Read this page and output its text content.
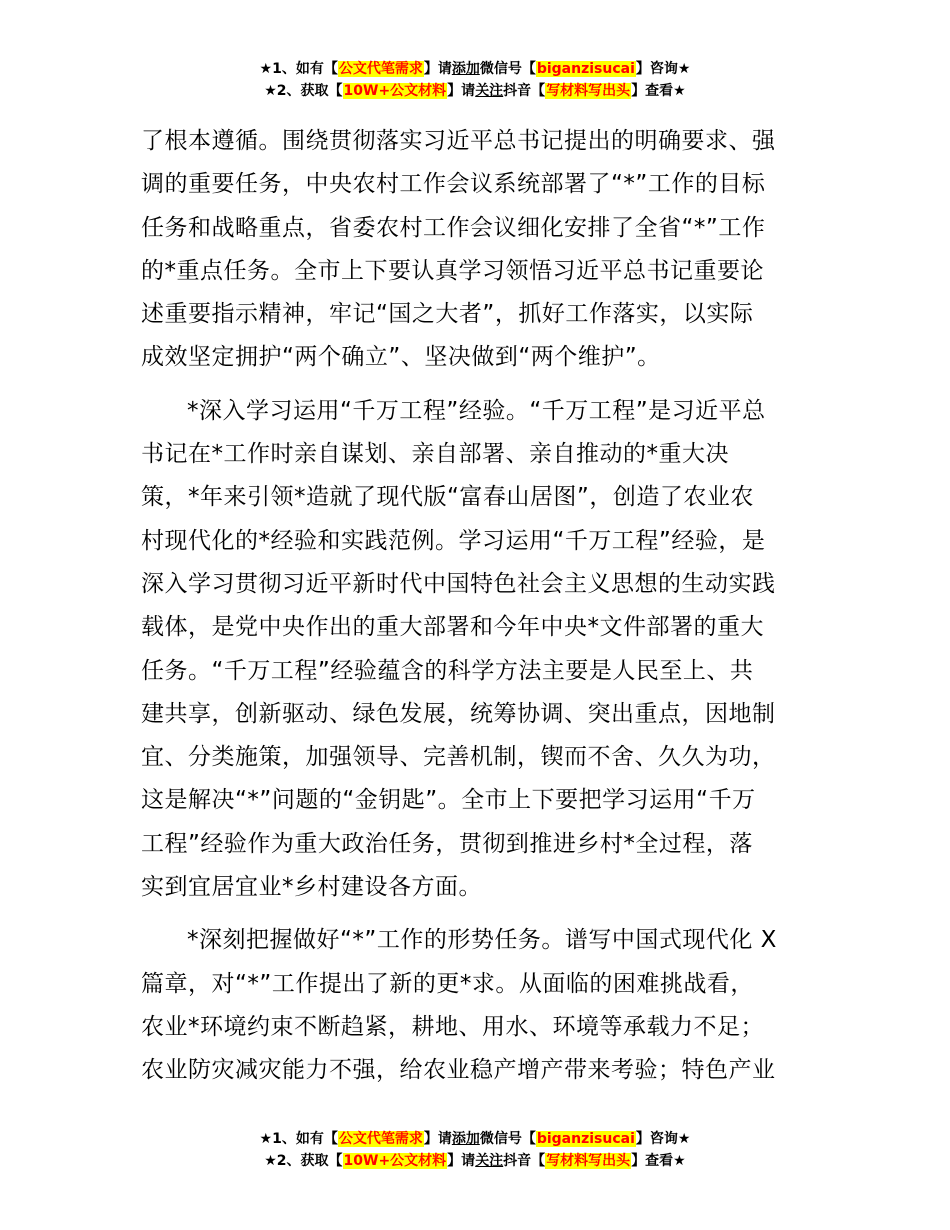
★1、如有【公文代笔需求】请添加微信号【biganzisucai】咨询★
★2、获取【10W+公文材料】请关注抖音【写材料写出头】查看★

了根本遵循。围绕贯彻落实习近平总书记提出的明确要求、强
调的重要任务，中央农村工作会议系统部署了“*”工作的目标
任务和战略重点，省委农村工作会议细化安排了全省“*”工作
的*重点任务。全市上下要认真学习领悟习近平总书记重要论
述重要指示精神，牢记“国之大者”，抓好工作落实，以实际
成效坚定拥护“两个确立”、坚决做到“两个维护”。

*深入学习运用“千万工程”经验。“千万工程”是习近平总
书记在*工作时亲自谋划、亲自部署、亲自推动的*重大决
策，*年来引领*造就了现代版“富春山居图”，创造了农业农
村现代化的*经验和实践范例。学习运用“千万工程”经验，是
深入学习贯彻习近平新时代中国特色社会主义思想的生动实践
载体，是党中央作出的重大部署和今年中央*文件部署的重大
任务。“千万工程”经验蕴含的科学方法主要是人民至上、共
建共享，创新驱动、绿色发展，统筹协调、突出重点，因地制
宜、分类施策，加强领导、完善机制，锲而不舍、久久为功，
这是解决“*”问题的“金钥匙”。全市上下要把学习运用“千万
工程”经验作为重大政治任务，贯彻到推进乡村*全过程，落
实到宜居宜业*乡村建设各方面。

*深刻把握做好“*”工作的形势任务。谱写中国式现代化 X
篇章，对“*”工作提出了新的更*求。从面临的困难挑战看，
农业*环境约束不断趋紧，耕地、用水、环境等承载力不足；
农业防灾减灾能力不强，给农业稳产增产带来考验；特色产业

★1、如有【公文代笔需求】请添加微信号【biganzisucai】咨询★
★2、获取【10W+公文材料】请关注抖音【写材料写出头】查看★
